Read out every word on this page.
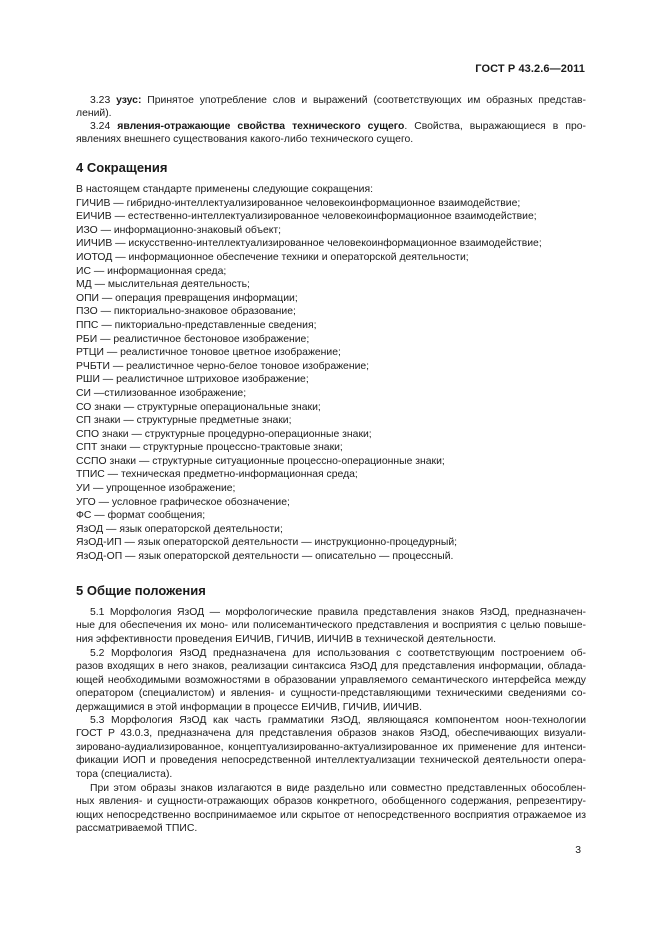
ГОСТ Р 43.2.6—2011
3.23 узус: Принятое употребление слов и выражений (соответствующих им образных представ-
лений).
3.24 явления-отражающие свойства технического сущего. Свойства, выражающиеся в про-
явлениях внешнего существования какого-либо технического сущего.
4 Сокращения
В настоящем стандарте применены следующие сокращения:
ГИЧИВ — гибридно-интеллектуализированное человекоинформационное взаимодействие;
ЕИЧИВ — естественно-интеллектуализированное человекоинформационное взаимодействие;
ИЗО — информационно-знаковый объект;
ИИЧИВ — искусственно-интеллектуализированное человекоинформационное взаимодействие;
ИОТОД — информационное обеспечение техники и операторской деятельности;
ИС — информационная среда;
МД — мыслительная деятельность;
ОПИ — операция превращения информации;
ПЗО — пиктoриально-знаковое образование;
ППС — пиктoриально-представленные сведения;
РБИ — реалистичное бестоновое изображение;
РТЦИ — реалистичное тоновое цветное изображение;
РЧБТИ — реалистичное черно-белое тоновое изображение;
РШИ — реалистичное штриховое изображение;
СИ —стилизованное изображение;
СО знаки — структурные операциональные знаки;
СП знаки — структурные предметные знаки;
СПО знаки — структурные процедурно-операционные знаки;
СПТ знаки — структурные процессно-трактовые знаки;
ССПО знаки — структурные ситуационные процессно-операционные знаки;
ТПИС — техническая предметно-информационная среда;
УИ — упрощенное изображение;
УГО — условное графическое обозначение;
ФС — формат сообщения;
ЯзОД — язык операторской деятельности;
ЯзОД-ИП — язык операторской деятельности — инструкционно-процедурный;
ЯзОД-ОП — язык операторской деятельности — описательно — процессный.
5 Общие положения
5.1 Морфология ЯзОД — морфологические правила представления знаков ЯзОД, предназначен-
ные для обеспечения их моно- или полисемантического представления и восприятия с целью повыше-
ния эффективности проведения ЕИЧИВ, ГИЧИВ, ИИЧИВ в технической деятельности.
5.2 Морфология ЯзОД предназначена для использования с соответствующим построением об-
разов входящих в него знаков, реализации синтаксиса ЯзОД для представления информации, облада-
ющей необходимыми возможностями в образовании управляемого семантического интерфейса между
оператором (специалистом) и явления- и сущности-представляющими техническими сведениями со-
держащимися в этой информации в процессе ЕИЧИВ, ГИЧИВ, ИИЧИВ.
5.3 Морфология ЯзОД как часть грамматики ЯзОД, являющаяся компонентом ноон-технологии
ГОСТ Р 43.0.3, предназначена для представления образов знаков ЯзОД, обеспечивающих визуали-
зировано-аудиализированное, концептуализированно-актуализированное их применение для интенси-
фикации ИОП и проведения непосредственной интеллектуализации технической деятельности опера-
тора (специалиста).
При этом образы знаков излагаются в виде раздельно или совместно представленных обособлен-
ных явления- и сущности-отражающих образов конкретного, обобщенного содержания, репрезентиру-
ющих непосредственно воспринимаемое или скрытое от непосредственного восприятия отражаемое из
рассматриваемой ТПИС.
3
